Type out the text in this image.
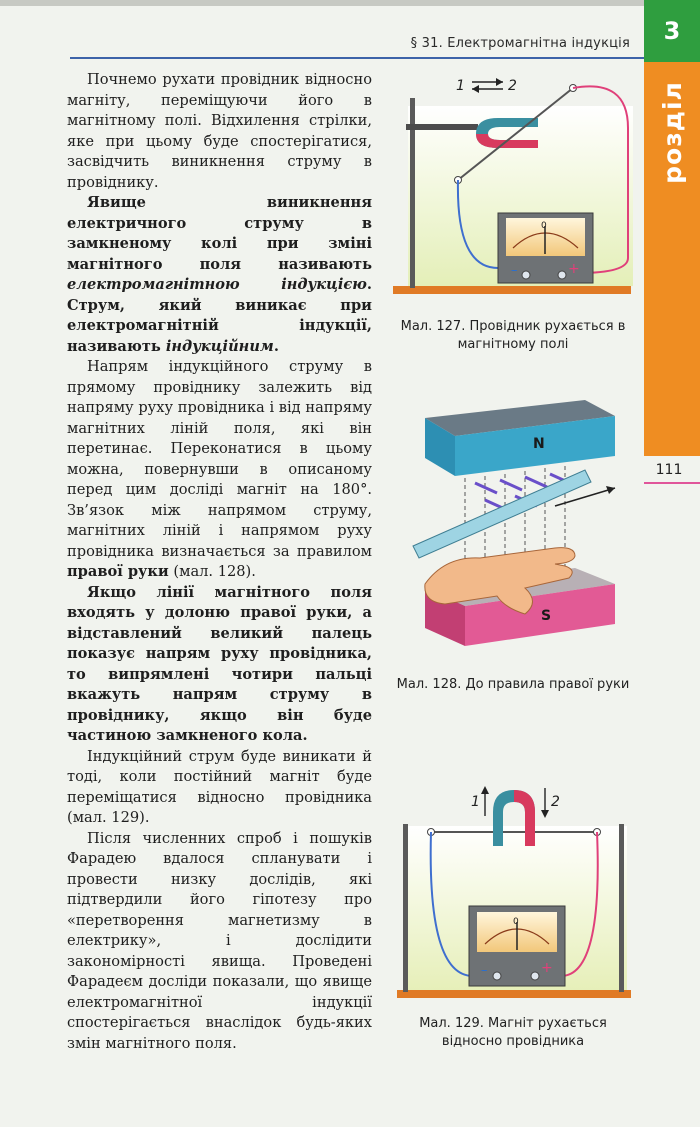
§ 31. Електромагнітна індукція	3
розділ
111

Почнемо рухати провідник відносно магніту, переміщуючи його в магнітному полі. Відхилення стрілки, яке при цьому буде спостерігатися, засвідчить виникнення струму в провіднику.

Явище виникнення електричного струму в замкненому колі при зміні магнітного поля називають електромагнітною індукцією. Струм, який виникає при електромагнітній індукції, називають індукційним.

Напрям індукційного струму в прямому провіднику залежить від напряму руху провідника і від напряму магнітних ліній поля, які він перетинає. Переконатися в цьому можна, повернувши в описаному перед цим досліді магніт на 180°. Зв’язок між напрямом струму, магнітних ліній і напрямом руху провідника визначається за правилом правої руки (мал. 128).

Якщо лінії магнітного поля входять у долоню правої руки, а відставлений великий палець показує напрям руху провідника, то випрямлені чотири пальці вкажуть напрям струму в провіднику, якщо він буде частиною замкненого кола.

Індукційний струм буде виникати й тоді, коли постійний магніт буде переміщатися відносно провідника (мал. 129).

Після численних спроб і пошуків Фарадею вдалося спланувати і провести низку дослідів, які підтвердили його гіпотезу про «перетворення магнетизму в електрику», і дослідити закономірності явища. Проведені Фарадеєм досліди показали, що явище електромагнітної індукції спостерігається внаслідок будь-яких змін магнітного поля.

0
–	+
1	2
Мал. 127. Провідник рухається в магнітному полі
N
S
Мал. 128. До правила правої руки
1	2
0
–	+
Мал. 129. Магніт рухається відносно провідника
